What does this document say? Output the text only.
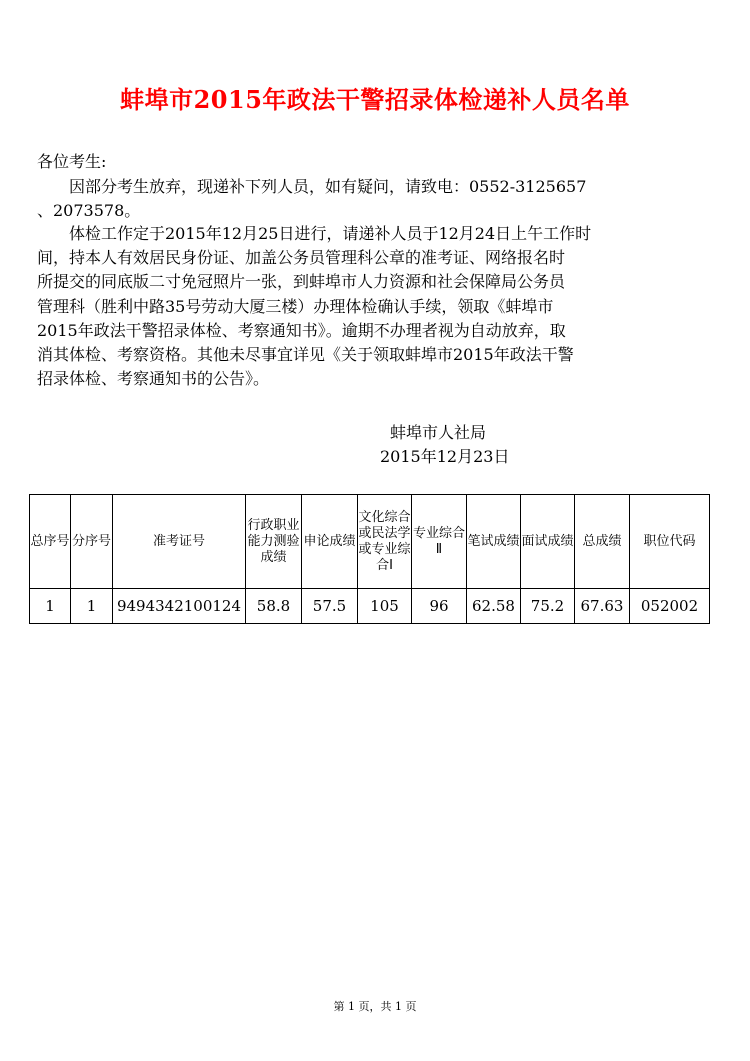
蚌埠市2015年政法干警招录体检递补人员名单
各位考生:
　　因部分考生放弃，现递补下列人员，如有疑问，请致电：0552-3125657
、2073578。
　　体检工作定于2015年12月25日进行，请递补人员于12月24日上午工作时
间，持本人有效居民身份证、加盖公务员管理科公章的准考证、网络报名时
所提交的同底版二寸免冠照片一张，到蚌埠市人力资源和社会保障局公务员
管理科（胜利中路35号劳动大厦三楼）办理体检确认手续，领取《蚌埠市
2015年政法干警招录体检、考察通知书》。逾期不办理者视为自动放弃，取
消其体检、考察资格。其他未尽事宜详见《关于领取蚌埠市2015年政法干警
招录体检、考察通知书的公告》。
蚌埠市人社局
2015年12月23日
总序号	分序号	准考证号	行政职业能力测验成绩	申论成绩	文化综合或民法学或专业综合Ⅰ	专业综合Ⅱ	笔试成绩	面试成绩	总成绩	职位代码
1	1	9494342100124	58.8	57.5	105	96	62.58	75.2	67.63	052002
第 1 页，共 1 页
